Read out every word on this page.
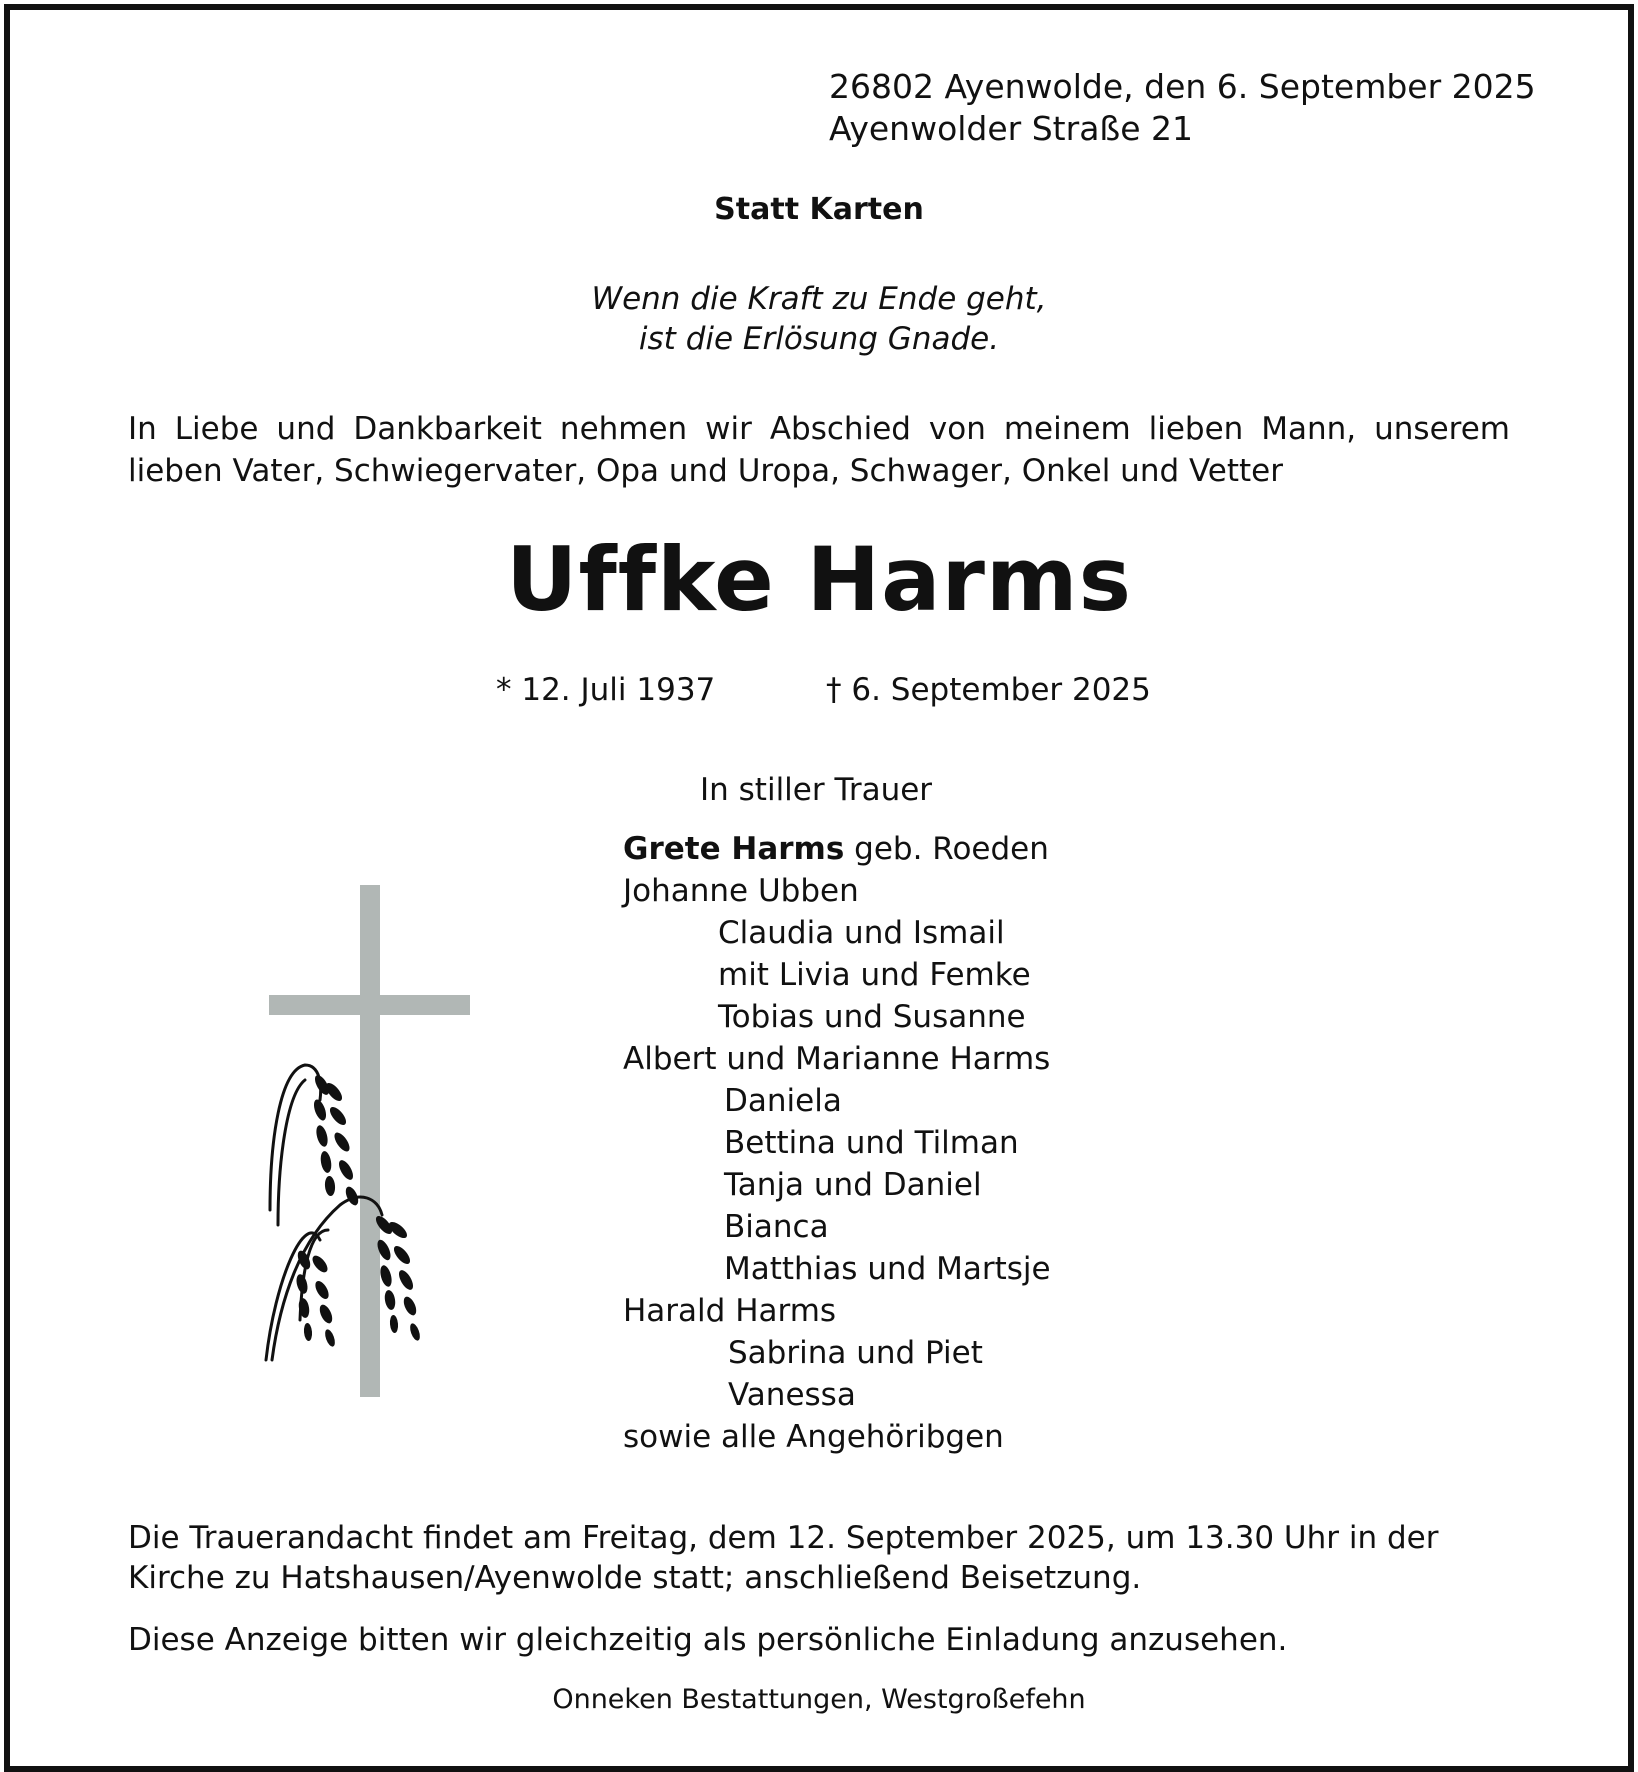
26802 Ayenwolde, den 6. September 2025
Ayenwolder Straße 21
Statt Karten
Wenn die Kraft zu Ende geht,
ist die Erlösung Gnade.
In Liebe und Dankbarkeit nehmen wir Abschied von meinem lieben Mann, unserem lieben Vater, Schwiegervater, Opa und Uropa, Schwager, Onkel und Vetter
Uffke Harms
* 12. Juli 1937	† 6. September 2025
In stiller Trauer
Grete Harms geb. Roeden
Johanne Ubben
Claudia und Ismail
mit Livia und Femke
Tobias und Susanne
Albert und Marianne Harms
Daniela
Bettina und Tilman
Tanja und Daniel
Bianca
Matthias und Martsje
Harald Harms
Sabrina und Piet
Vanessa
sowie alle Angehöribgen
Die Trauerandacht findet am Freitag, dem 12. September 2025, um 13.30 Uhr in der Kirche zu Hatshausen/Ayenwolde statt; anschließend Beisetzung.
Diese Anzeige bitten wir gleichzeitig als persönliche Einladung anzusehen.
Onneken Bestattungen, Westgroßefehn
